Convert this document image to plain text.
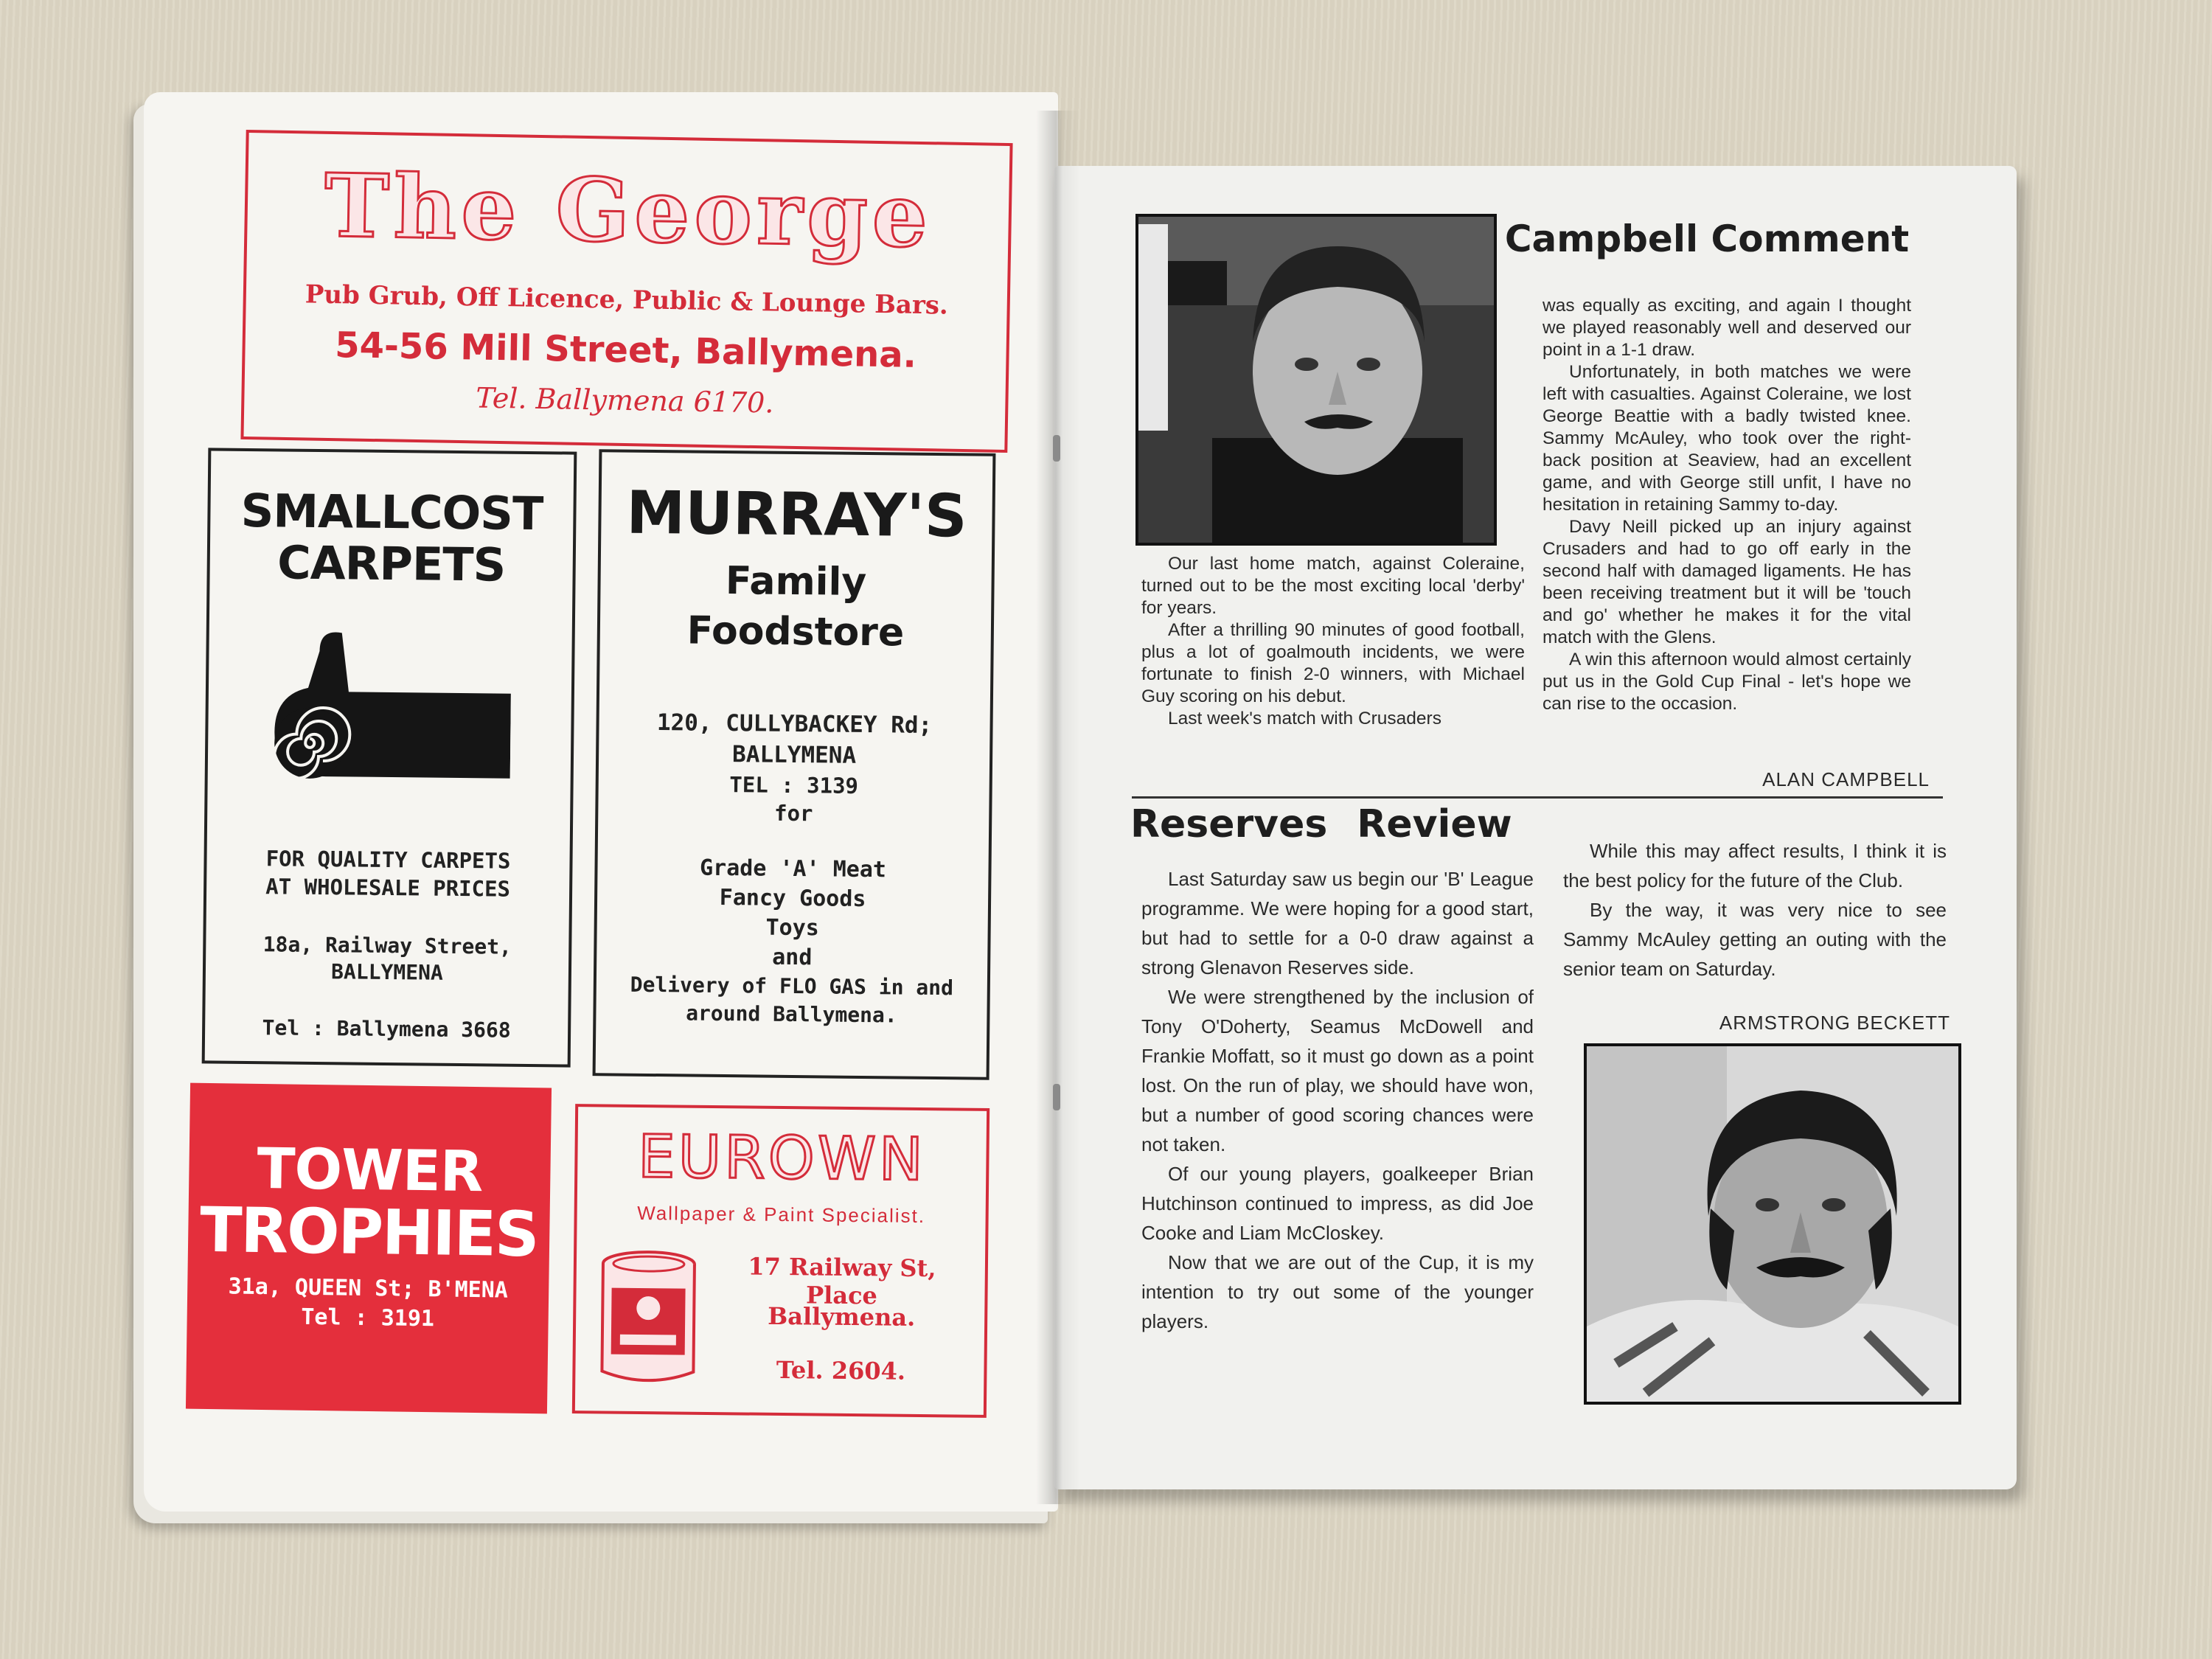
The George
Pub Grub, Off Licence, Public & Lounge Bars.
54-56 Mill Street, Ballymena.
Tel. Ballymena 6170.
SMALLCOST
CARPETS
FOR QUALITY CARPETS
AT WHOLESALE PRICES
18a, Railway Street,
BALLYMENA
Tel : Ballymena 3668
MURRAY'S
Family
Foodstore
120, CULLYBACKEY Rd;
BALLYMENA
TEL : 3139
for
Grade 'A' Meat
Fancy Goods
Toys
and
Delivery of FLO GAS in and
around Ballymena.
TOWER
TROPHIES
31a, QUEEN St; B'MENA
Tel : 3191
EUROWN
Wallpaper & Paint Specialist.
17 Railway St, Place
Ballymena.
Tel. 2604.
Campbell Comment

Our last home match, against Coleraine, turned out to be the most exciting local 'derby' for years.

After a thrilling 90 minutes of good football, plus a lot of goalmouth incidents, we were fortunate to finish 2-0 winners, with Michael Guy scoring on his debut.

Last week's match with Crusaders

was equally as exciting, and again I thought we played reasonably well and deserved our point in a 1-1 draw.

Unfortunately, in both matches we were left with casualties. Against Coleraine, we lost George Beattie with a badly twisted knee. Sammy McAuley, who took over the right-back position at Seaview, had an excellent game, and with George still unfit, I have no hesitation in retaining Sammy to-day.

Davy Neill picked up an injury against Crusaders and had to go off early in the second half with damaged ligaments. He has been receiving treatment but it will be 'touch and go' whether he makes it for the vital match with the Glens.

A win this afternoon would almost certainly put us in the Gold Cup Final - let's hope we can rise to the occasion.

ALAN CAMPBELL
Reserves Review

Last Saturday saw us begin our 'B' League programme. We were hoping for a good start, but had to settle for a 0-0 draw against a strong Glenavon Reserves side.

We were strengthened by the inclusion of Tony O'Doherty, Seamus McDowell and Frankie Moffatt, so it must go down as a point lost. On the run of play, we should have won, but a number of good scoring chances were not taken.

Of our young players, goalkeeper Brian Hutchinson continued to impress, as did Joe Cooke and Liam McCloskey.

Now that we are out of the Cup, it is my intention to try out some of the younger players.

While this may affect results, I think it is the best policy for the future of the Club.

By the way, it was very nice to see Sammy McAuley getting an outing with the senior team on Saturday.

ARMSTRONG BECKETT
